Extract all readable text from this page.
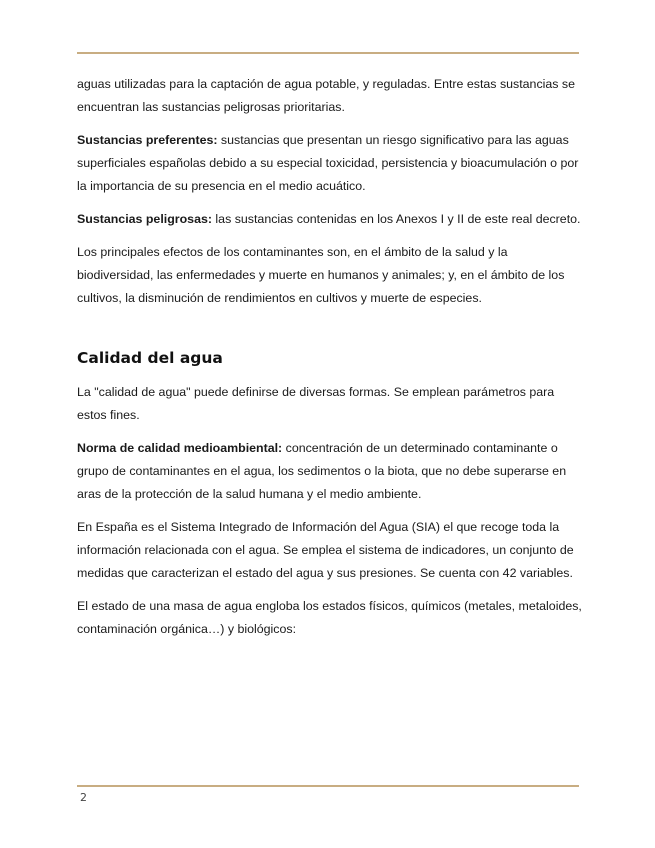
aguas utilizadas para la captación de agua potable, y reguladas. Entre estas sustancias se encuentran las sustancias peligrosas prioritarias.

Sustancias preferentes: sustancias que presentan un riesgo significativo para las aguas superficiales españolas debido a su especial toxicidad, persistencia y bioacumulación o por la importancia de su presencia en el medio acuático.

Sustancias peligrosas: las sustancias contenidas en los Anexos I y II de este real decreto.

Los principales efectos de los contaminantes son, en el ámbito de la salud y la biodiversidad, las enfermedades y muerte en humanos y animales; y, en el ámbito de los cultivos, la disminución de rendimientos en cultivos y muerte de especies.

Calidad del agua

La "calidad de agua" puede definirse de diversas formas. Se emplean parámetros para estos fines.

Norma de calidad medioambiental: concentración de un determinado contaminante o grupo de contaminantes en el agua, los sedimentos o la biota, que no debe superarse en aras de la protección de la salud humana y el medio ambiente.

En España es el Sistema Integrado de Información del Agua (SIA) el que recoge toda la información relacionada con el agua. Se emplea el sistema de indicadores, un conjunto de medidas que caracterizan el estado del agua y sus presiones. Se cuenta con 42 variables.

El estado de una masa de agua engloba los estados físicos, químicos (metales, metaloides, contaminación orgánica…) y biológicos:

2
